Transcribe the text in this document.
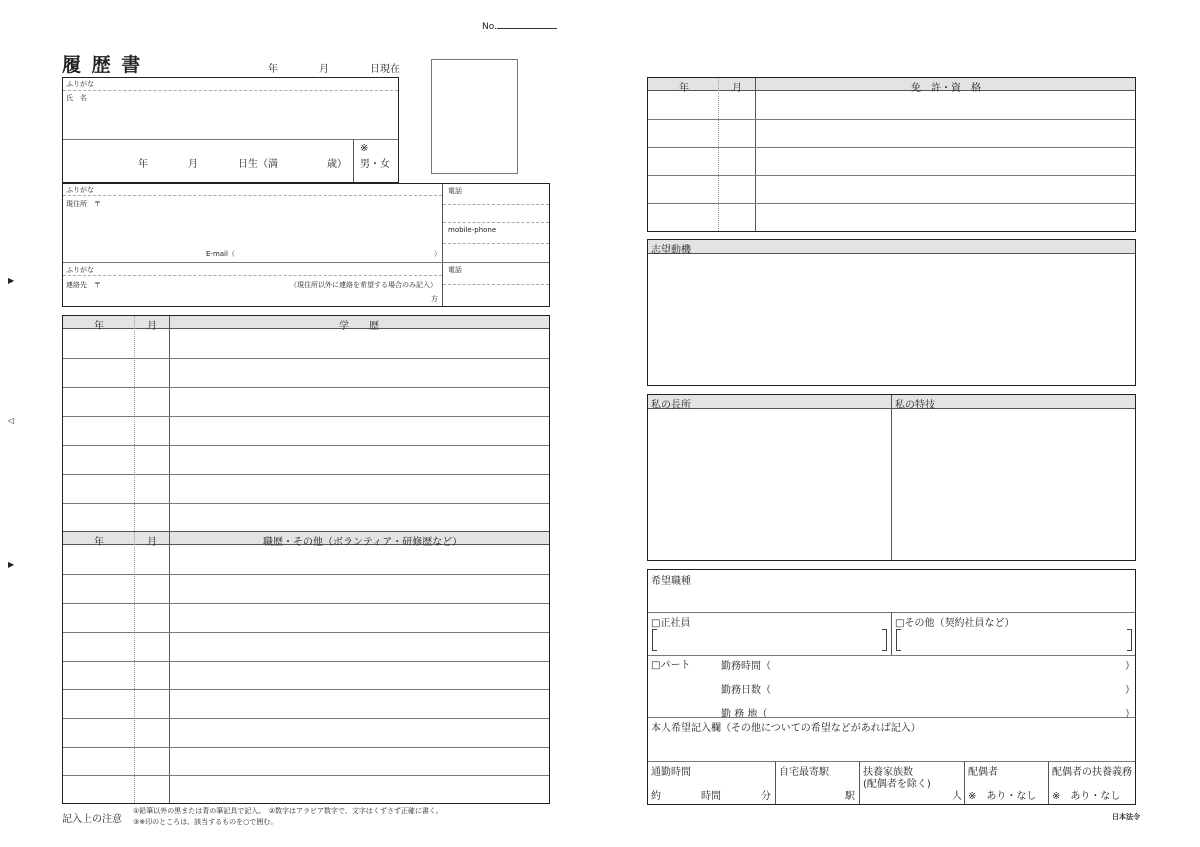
No.
履 歴 書	年	月	日現在
ふりがな
氏　名
年	月	日生（満	歳）
※
男・女
ふりがな
現住所　〒
E-mail（	）
電話
mobile-phone
ふりがな
連絡先　〒	（現住所以外に連絡を希望する場合のみ記入）
方
電話
年	月	学　　歴
年	月	職歴・その他（ボランティア・研修歴など）
記入上の注意
①鉛筆以外の黒または青の筆記具で記入。　②数字はアラビア数字で、文字はくずさず正確に書く。
③※印のところは、該当するものを○で囲む。
▶
◁
▶
年	月	免　許・資　格
志望動機
私の長所	私の特技
希望職種
□正社員	□その他（契約社員など）
□パート	勤務時間（	）
勤務日数（	）
勤 務 地（	）
本人希望記入欄（その他についての希望などがあれば記入）
通勤時間
約	時間	分
自宅最寄駅
駅
扶養家族数
(配偶者を除く)
人
配偶者
※　あり・なし
配偶者の扶養義務
※　あり・なし
日本法令
